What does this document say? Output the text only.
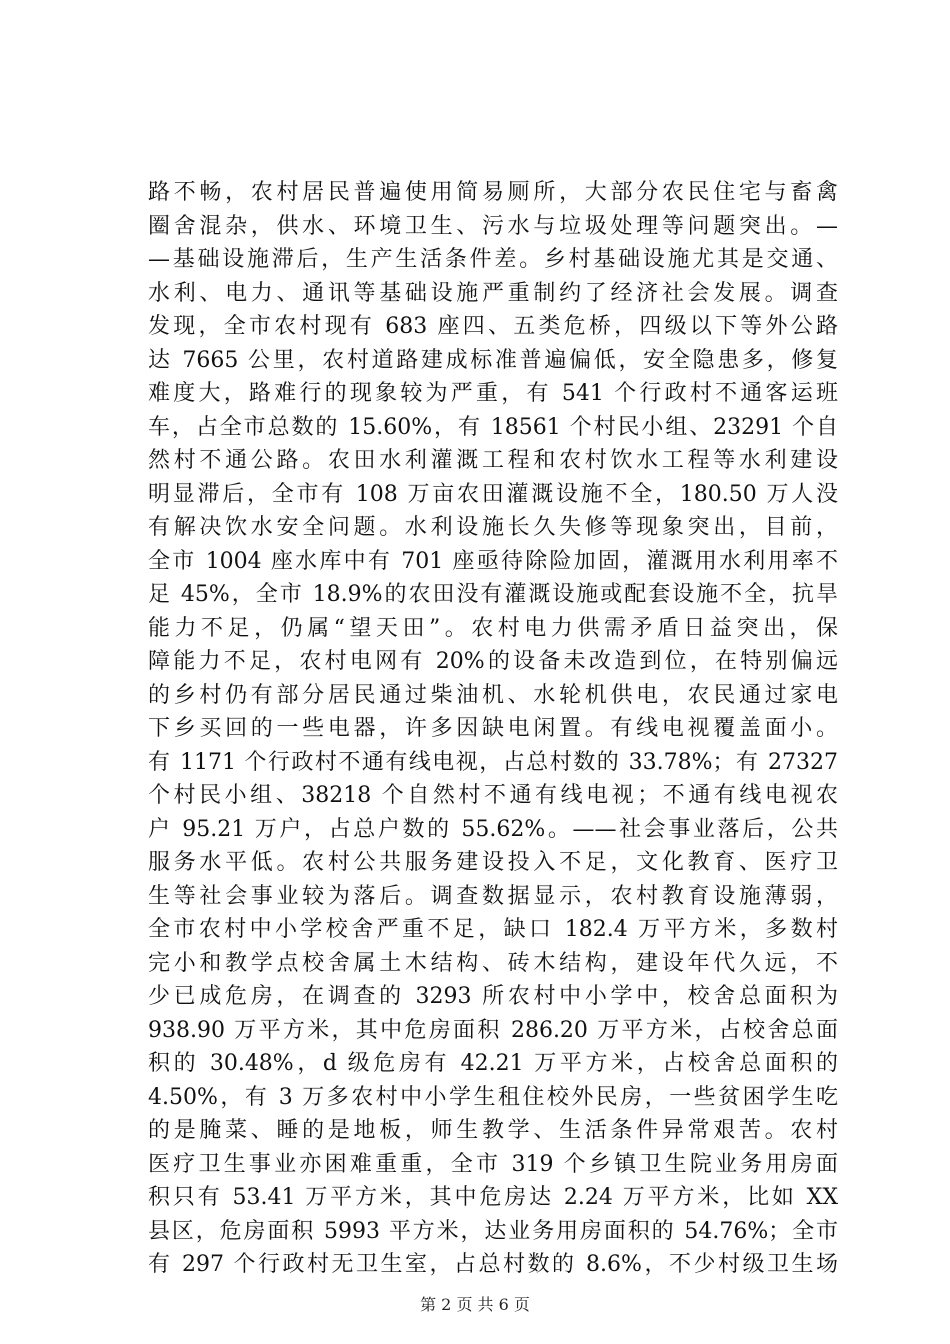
路不畅，农村居民普遍使用简易厕所，大部分农民住宅与畜禽
圈舍混杂，供水、环境卫生、污水与垃圾处理等问题突出。—
—基础设施滞后，生产生活条件差。乡村基础设施尤其是交通、
水利、电力、通讯等基础设施严重制约了经济社会发展。调查
发现，全市农村现有 683 座四、五类危桥，四级以下等外公路
达 7665 公里，农村道路建成标准普遍偏低，安全隐患多，修复
难度大，路难行的现象较为严重，有 541 个行政村不通客运班
车，占全市总数的 15.60%，有 18561 个村民小组、23291 个自
然村不通公路。农田水利灌溉工程和农村饮水工程等水利建设
明显滞后，全市有 108 万亩农田灌溉设施不全，180.50 万人没
有解决饮水安全问题。水利设施长久失修等现象突出，目前，
全市 1004 座水库中有 701 座亟待除险加固，灌溉用水利用率不
足 45%，全市 18.9%的农田没有灌溉设施或配套设施不全，抗旱
能力不足，仍属“望天田”。农村电力供需矛盾日益突出，保
障能力不足，农村电网有 20%的设备未改造到位，在特别偏远
的乡村仍有部分居民通过柴油机、水轮机供电，农民通过家电
下乡买回的一些电器，许多因缺电闲置。有线电视覆盖面小。
有 1171 个行政村不通有线电视，占总村数的 33.78%；有 27327
个村民小组、38218 个自然村不通有线电视；不通有线电视农
户 95.21 万户，占总户数的 55.62%。——社会事业落后，公共
服务水平低。农村公共服务建设投入不足，文化教育、医疗卫
生等社会事业较为落后。调查数据显示，农村教育设施薄弱，
全市农村中小学校舍严重不足，缺口 182.4 万平方米，多数村
完小和教学点校舍属土木结构、砖木结构，建设年代久远，不
少已成危房，在调查的 3293 所农村中小学中，校舍总面积为
938.90 万平方米，其中危房面积 286.20 万平方米，占校舍总面
积的 30.48%，d 级危房有 42.21 万平方米，占校舍总面积的
4.50%，有 3 万多农村中小学生租住校外民房，一些贫困学生吃
的是腌菜、睡的是地板，师生教学、生活条件异常艰苦。农村
医疗卫生事业亦困难重重，全市 319 个乡镇卫生院业务用房面
积只有 53.41 万平方米，其中危房达 2.24 万平方米，比如 XX
县区，危房面积 5993 平方米，达业务用房面积的 54.76%；全市
有 297 个行政村无卫生室，占总村数的 8.6%，不少村级卫生场
第 2 页 共 6 页
